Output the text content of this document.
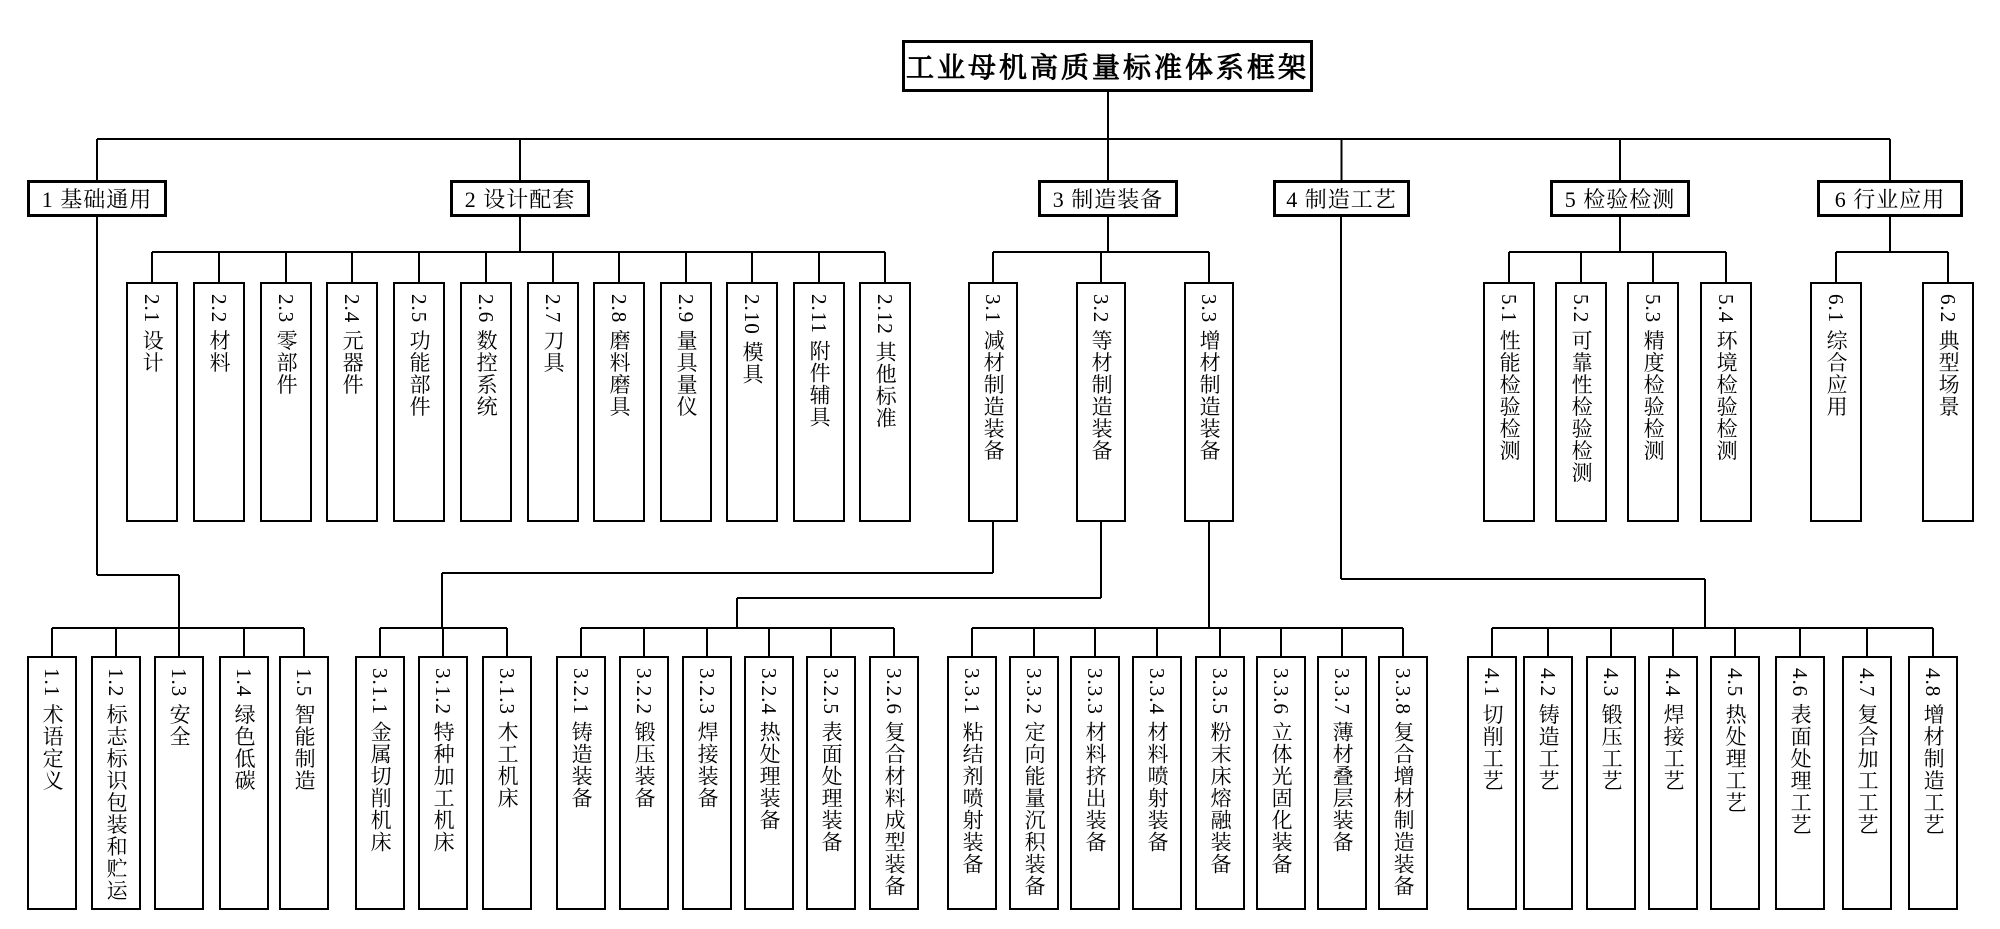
工业母机高质量标准体系框架
1 基础通用
1.1 术语定义 1.2 标志标识包装和贮运 1.3 安全 1.4 绿色低碳 1.5 智能制造
2 设计配套
2.1 设计 2.2 材料 2.3 零部件 2.4 元器件 2.5 功能部件 2.6 数控系统 2.7 刀具 2.8 磨料磨具 2.9 量具量仪 2.10 模具 2.11 附件辅具 2.12 其他标准
3 制造装备
3.1 减材制造装备
3.1.1 金属切削机床 3.1.2 特种加工机床 3.1.3 木工机床
3.2 等材制造装备
3.2.1 铸造装备 3.2.2 锻压装备 3.2.3 焊接装备 3.2.4 热处理装备 3.2.5 表面处理装备 3.2.6 复合材料成型装备
3.3 增材制造装备
3.3.1 粘结剂喷射装备 3.3.2 定向能量沉积装备 3.3.3 材料挤出装备 3.3.4 材料喷射装备 3.3.5 粉末床熔融装备 3.3.6 立体光固化装备 3.3.7 薄材叠层装备 3.3.8 复合增材制造装备
4 制造工艺
4.1 切削工艺 4.2 铸造工艺 4.3 锻压工艺 4.4 焊接工艺 4.5 热处理工艺 4.6 表面处理工艺 4.7 复合加工工艺 4.8 增材制造工艺
5 检验检测
5.1 性能检验检测 5.2 可靠性检验检测 5.3 精度检验检测 5.4 环境检验检测
6 行业应用
6.1 综合应用	6.2 典型场景
